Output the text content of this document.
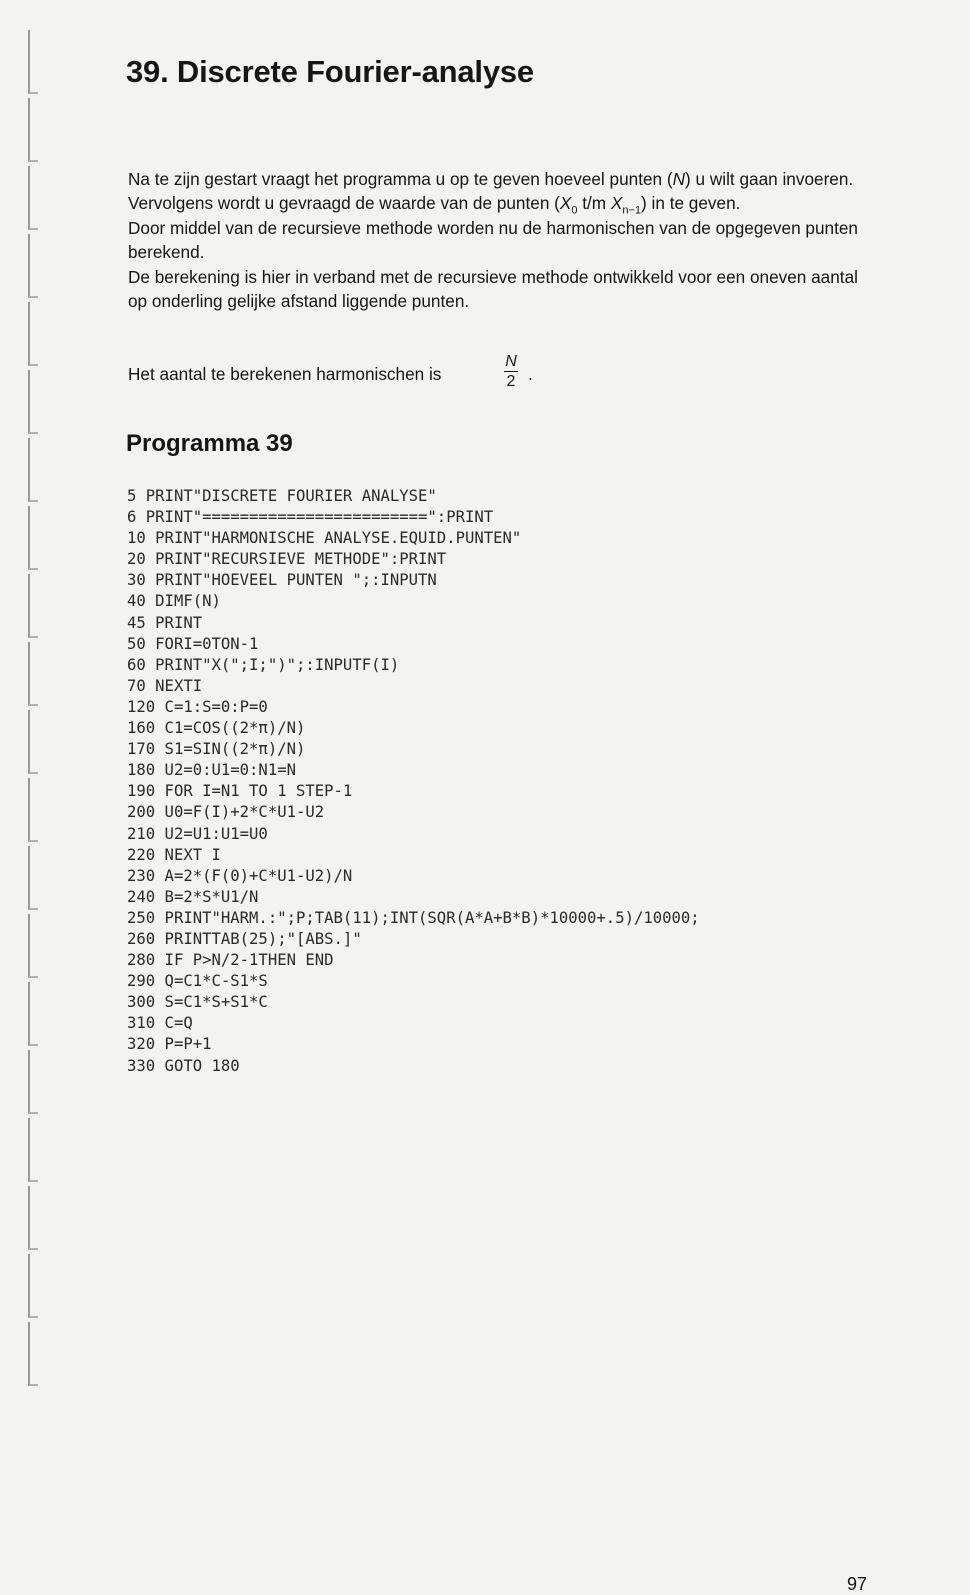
39. Discrete Fourier-analyse

Na te zijn gestart vraagt het programma u op te geven hoeveel punten (N) u wilt gaan invoeren. Vervolgens wordt u gevraagd de waarde van de punten ($X_0$ t/m $X_{n-1}$) in te geven.

Door middel van de recursieve methode worden nu de harmonischen van de opgegeven punten berekend.

De berekening is hier in verband met de recursieve methode ontwikkeld voor een oneven aantal op onderling gelijke afstand liggende punten.

Het aantal te berekenen harmonischen is	$\frac{N}{2}$ .
Programma 39
5 PRINT"DISCRETE FOURIER ANALYSE"
6 PRINT"========================":PRINT
10 PRINT"HARMONISCHE ANALYSE.EQUID.PUNTEN"
20 PRINT"RECURSIEVE METHODE":PRINT
30 PRINT"HOEVEEL PUNTEN ";:INPUTN
40 DIMF(N)
45 PRINT
50 FORI=0TON-1
60 PRINT"X(";I;")";:INPUTF(I)
70 NEXTI
120 C=1:S=0:P=0
160 C1=COS((2*π)/N)
170 S1=SIN((2*π)/N)
180 U2=0:U1=0:N1=N
190 FOR I=N1 TO 1 STEP-1
200 U0=F(I)+2*C*U1-U2
210 U2=U1:U1=U0
220 NEXT I
230 A=2*(F(0)+C*U1-U2)/N
240 B=2*S*U1/N
250 PRINT"HARM.:";P;TAB(11);INT(SQR(A*A+B*B)*10000+.5)/10000;
260 PRINTTAB(25);"[ABS.]"
280 IF P>N/2-1THEN END
290 Q=C1*C-S1*S
300 S=C1*S+S1*C
310 C=Q
320 P=P+1
330 GOTO 180
97
